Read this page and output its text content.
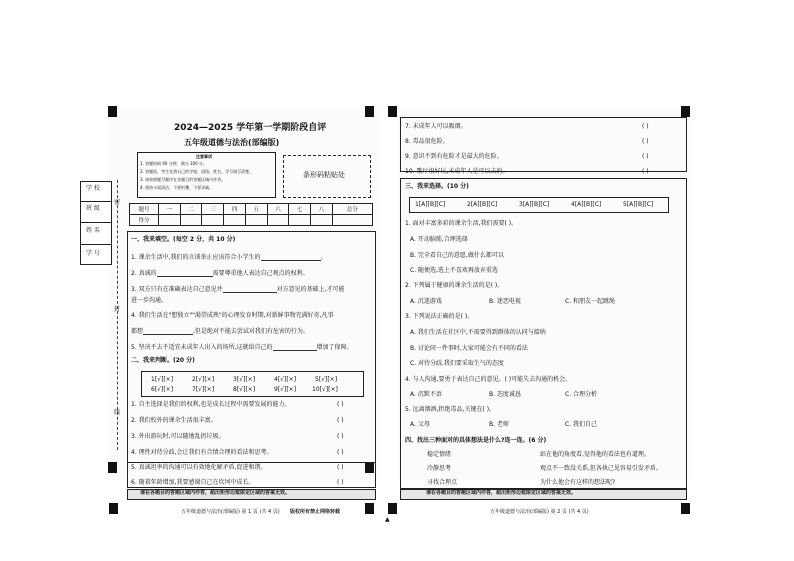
学 校
班 级
姓 名
学 号
密
封
线
2024—2025 学年第一学期阶段自评
五年级道德与法治(部编版)
注意事项
1. 答题时间 60 分钟，满分 100 分。
2. 答题前，考生先将自己的学校、班级、姓名、学号填写清楚。
3. 请按照题号顺序在各题目的答题区域内作答。
4. 保持卡面清洁，不要折叠、不要弄破。
条形码粘贴处
题号	一	二	三	四	五	六	七	八	总分
得分									
一、我来填空。(每空 2 分，共 10 分)
1. 课余生活中,我们的言谈举止应该符合小学生的	。
2. 真诚的	需要尊重他人表达自己观点的权利。
3. 双方只有在准确表达自己意见并	对方意见的基础上,才可能
进一步沟通。
4. 我们生活在"想独立""渴望成熟"的心理发育时期,对新鲜事物充满好奇,凡事
都想	,但是绝对不能去尝试对我们有危害的行为。
5. 坚决不去不适宜未成年人出入的场所,这就给自己的	增加了保障。
二、我来判断。(20 分)
1[√][×]	2[√][×]	3[√][×]	4[√][×]	5[√][×]
6[√][×]	7[√][×]	8[√][×]	9[√][×]	10[√][×]
1. 自主选择是我们的权利,也是成长过程中需要发展的能力。	( )
2. 我们校外的课余生活很丰富。	( )
3. 外出游玩时,可以随地乱扔垃圾。	( )
4. 理性对待分歧,会让我们有合情合理的看法和思考。	( )
5. 真诚坦率的沟通可以有效地化解矛盾,促进和谐。	( )
6. 随着年龄增加,我要感谢自己在坎坷中成长。	( )
请在各题目的答题区域内作答，超出矩形边框限定区域的答案无效。
五年级道德与法治(部编版) 第 1 页 (共 4 页) 版权所有禁止网络转载
▲
7. 未成年人可以吸烟。	( )
8. 毒品很危险。	( )
9. 意识不到有危险才是最大的危险。	( )
10. 歌厅很好玩,未成年人是可以去的。	( )
三、我来选择。(10 分)
1[A][B][C]	2[A][B][C]	3[A][B][C]	4[A][B][C]	5[A][B][C]
1. 面对丰富多彩的课余生活,我们需要( )。
A. 开动脑筋,合理选择
B. 完全看自己的意愿,做什么都可以
C. 随便选,选上不喜欢再放弃重选
2. 下列属于健康的课余生活的是( )。
A. 沉迷游戏	B. 迷恋电视	C. 和朋友一起跳绳
3. 下列说法正确的是( )。
A. 我们生活在社区中,不需要得到群体的认同与接纳
B. 讨论同一件事时,大家可能会有不同的看法
C. 对待分歧,我们要采取生气的态度
4. 与人沟通,要勇于表达自己的意见。( )可能失去沟通的机会。
A. 沉默不语	B. 态度诚恳	C. 合理分析
5. 远离烟酒,拒绝毒品,关键在( )。
A. 父母	B. 老师	C. 我们自己
四、找出三种面对的具体想法是什么?连一连。(6 分)
稳定情绪	站在他的角度看,觉得他的看法也有道理。
冷静思考	观点不一致没关系,但各执己见容易引发矛盾。
寻找合理点	为什么他会有这样的想法呢?
请在各题目的答题区域内作答，超出矩形边框限定区域的答案无效。
五年级道德与法治(部编版) 第 2 页 (共 4 页)
